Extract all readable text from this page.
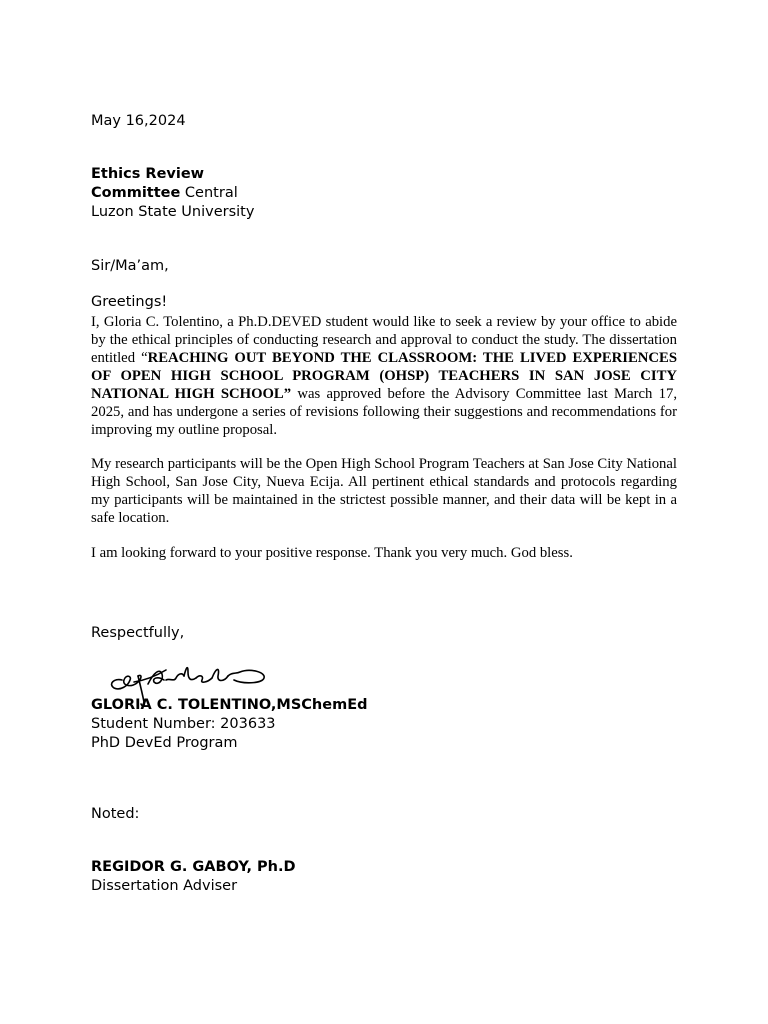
May 16,2024
Ethics Review
Committee Central
Luzon State University
Sir/Ma’am,
Greetings!
I, Gloria C. Tolentino, a Ph.D.DEVED student would like to seek a review by your office to abide by the ethical principles of conducting research and approval to conduct the study. The dissertation entitled “REACHING OUT BEYOND THE CLASSROOM: THE LIVED EXPERIENCES OF OPEN HIGH SCHOOL PROGRAM (OHSP) TEACHERS IN SAN JOSE CITY NATIONAL HIGH SCHOOL” was approved before the Advisory Committee last March 17, 2025, and has undergone a series of revisions following their suggestions and recommendations for improving my outline proposal.
My research participants will be the Open High School Program Teachers at San Jose City National High School, San Jose City, Nueva Ecija. All pertinent ethical standards and protocols regarding my participants will be maintained in the strictest possible manner, and their data will be kept in a safe location.
I am looking forward to your positive response. Thank you very much. God bless.
Respectfully,
GLORIA C. TOLENTINO,MSChemEd
Student Number: 203633
PhD DevEd Program
Noted:
REGIDOR G. GABOY, Ph.D
Dissertation Adviser
